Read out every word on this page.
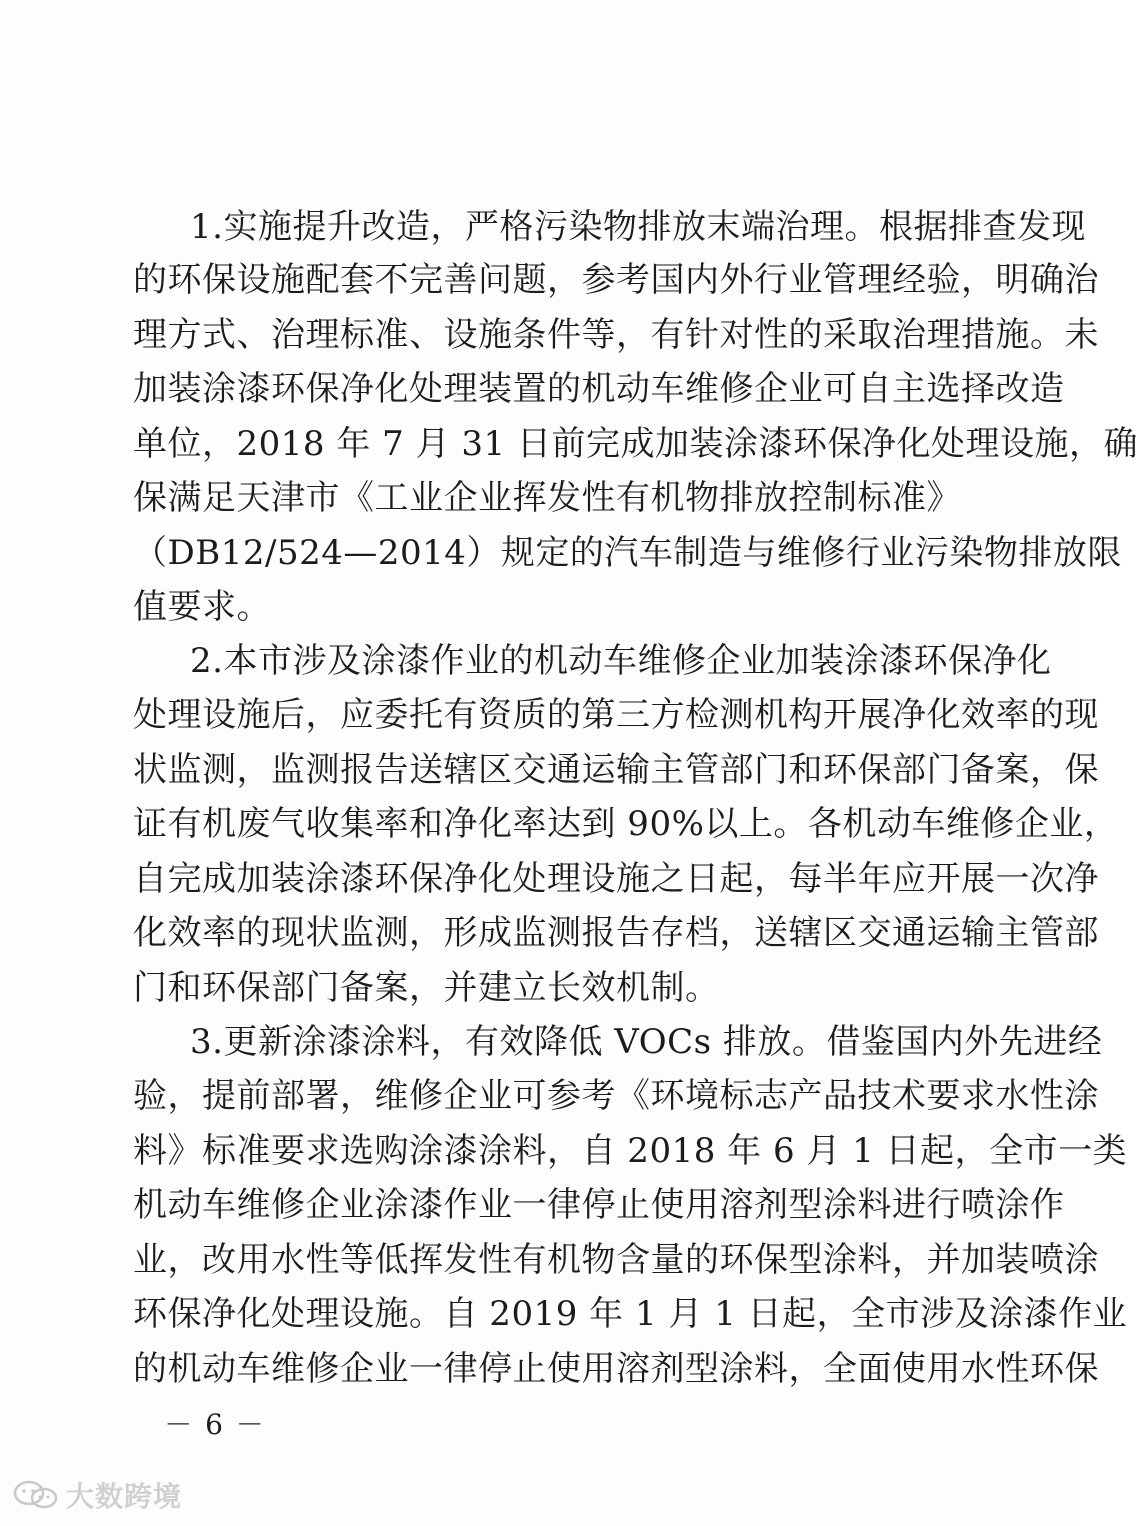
1.实施提升改造，严格污染物排放末端治理。根据排查发现
的环保设施配套不完善问题，参考国内外行业管理经验，明确治
理方式、治理标准、设施条件等，有针对性的采取治理措施。未
加装涂漆环保净化处理装置的机动车维修企业可自主选择改造
单位，2018 年 7 月 31 日前完成加装涂漆环保净化处理设施，确
保满足天津市《工业企业挥发性有机物排放控制标准》
（DB12/524—2014）规定的汽车制造与维修行业污染物排放限
值要求。
2.本市涉及涂漆作业的机动车维修企业加装涂漆环保净化
处理设施后，应委托有资质的第三方检测机构开展净化效率的现
状监测，监测报告送辖区交通运输主管部门和环保部门备案，保
证有机废气收集率和净化率达到 90%以上。各机动车维修企业，
自完成加装涂漆环保净化处理设施之日起，每半年应开展一次净
化效率的现状监测，形成监测报告存档，送辖区交通运输主管部
门和环保部门备案，并建立长效机制。
3.更新涂漆涂料，有效降低 VOCs 排放。借鉴国内外先进经
验，提前部署，维修企业可参考《环境标志产品技术要求水性涂
料》标准要求选购涂漆涂料，自 2018 年 6 月 1 日起，全市一类
机动车维修企业涂漆作业一律停止使用溶剂型涂料进行喷涂作
业，改用水性等低挥发性有机物含量的环保型涂料，并加装喷涂
环保净化处理设施。自 2019 年 1 月 1 日起，全市涉及涂漆作业
的机动车维修企业一律停止使用溶剂型涂料，全面使用水性环保
－ 6 －
大数跨境
